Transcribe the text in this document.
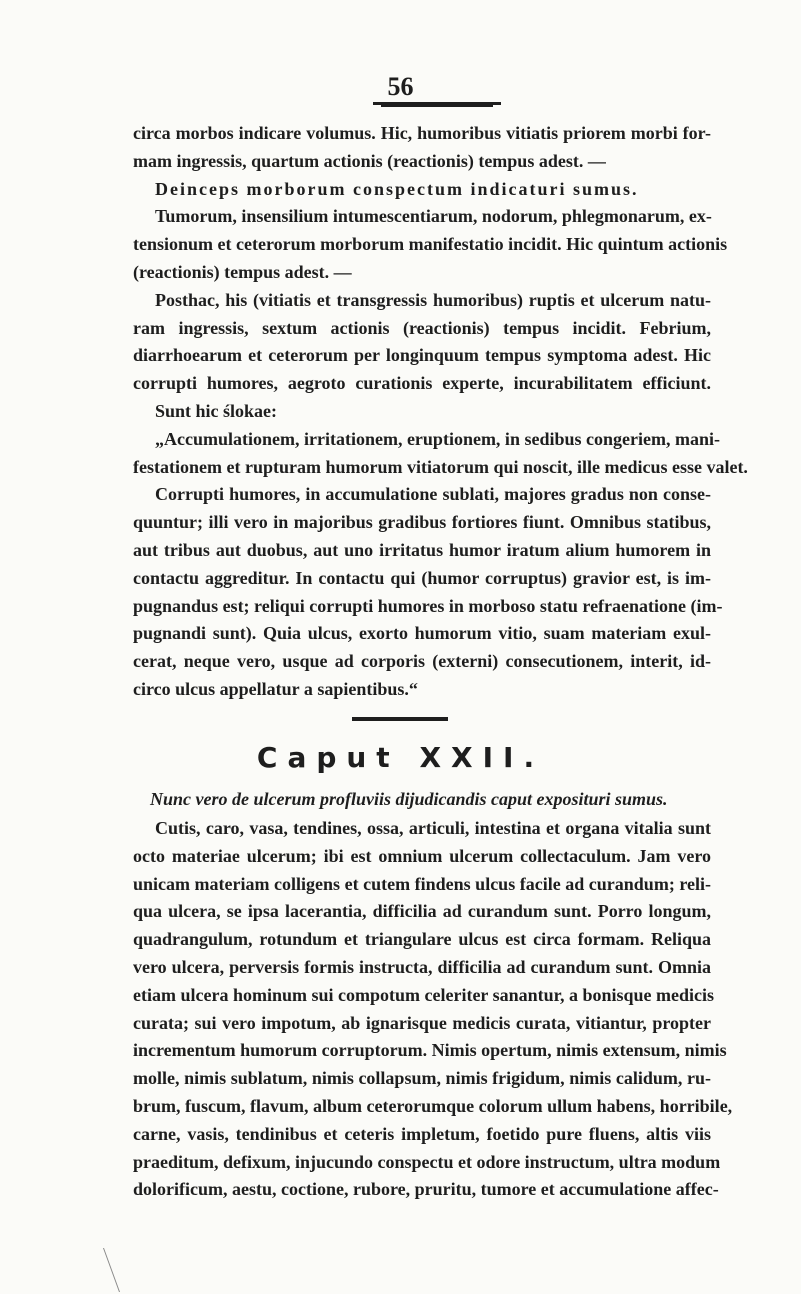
56
circa morbos indicare volumus. Hic, humoribus vitiatis priorem morbi for-
mam ingressis, quartum actionis (reactionis) tempus adest. —
Deinceps morborum conspectum indicaturi sumus.
Tumorum, insensilium intumescentiarum, nodorum, phlegmonarum, ex-
tensionum et ceterorum morborum manifestatio incidit. Hic quintum actionis
(reactionis) tempus adest. —
Posthac, his (vitiatis et transgressis humoribus) ruptis et ulcerum natu-
ram ingressis, sextum actionis (reactionis) tempus incidit. Febrium,
diarrhoearum et ceterorum per longinquum tempus symptoma adest. Hic
corrupti humores, aegroto curationis experte, incurabilitatem efficiunt.
Sunt hic ślokae:
„Accumulationem, irritationem, eruptionem, in sedibus congeriem, mani-
festationem et rupturam humorum vitiatorum qui noscit, ille medicus esse valet.
Corrupti humores, in accumulatione sublati, majores gradus non conse-
quuntur; illi vero in majoribus gradibus fortiores fiunt. Omnibus statibus,
aut tribus aut duobus, aut uno irritatus humor iratum alium humorem in
contactu aggreditur. In contactu qui (humor corruptus) gravior est, is im-
pugnandus est; reliqui corrupti humores in morboso statu refraenatione (im-
pugnandi sunt). Quia ulcus, exorto humorum vitio, suam materiam exul-
cerat, neque vero, usque ad corporis (externi) consecutionem, interit, id-
circo ulcus appellatur a sapientibus.“
Caput XXII.
Nunc vero de ulcerum profluviis dijudicandis caput exposituri sumus.
Cutis, caro, vasa, tendines, ossa, articuli, intestina et organa vitalia sunt
octo materiae ulcerum; ibi est omnium ulcerum collectaculum. Jam vero
unicam materiam colligens et cutem findens ulcus facile ad curandum; reli-
qua ulcera, se ipsa lacerantia, difficilia ad curandum sunt. Porro longum,
quadrangulum, rotundum et triangulare ulcus est circa formam. Reliqua
vero ulcera, perversis formis instructa, difficilia ad curandum sunt. Omnia
etiam ulcera hominum sui compotum celeriter sanantur, a bonisque medicis
curata; sui vero impotum, ab ignarisque medicis curata, vitiantur, propter
incrementum humorum corruptorum. Nimis opertum, nimis extensum, nimis
molle, nimis sublatum, nimis collapsum, nimis frigidum, nimis calidum, ru-
brum, fuscum, flavum, album ceterorumque colorum ullum habens, horribile,
carne, vasis, tendinibus et ceteris impletum, foetido pure fluens, altis viis
praeditum, defixum, injucundo conspectu et odore instructum, ultra modum
dolorificum, aestu, coctione, rubore, pruritu, tumore et accumulatione affec-
